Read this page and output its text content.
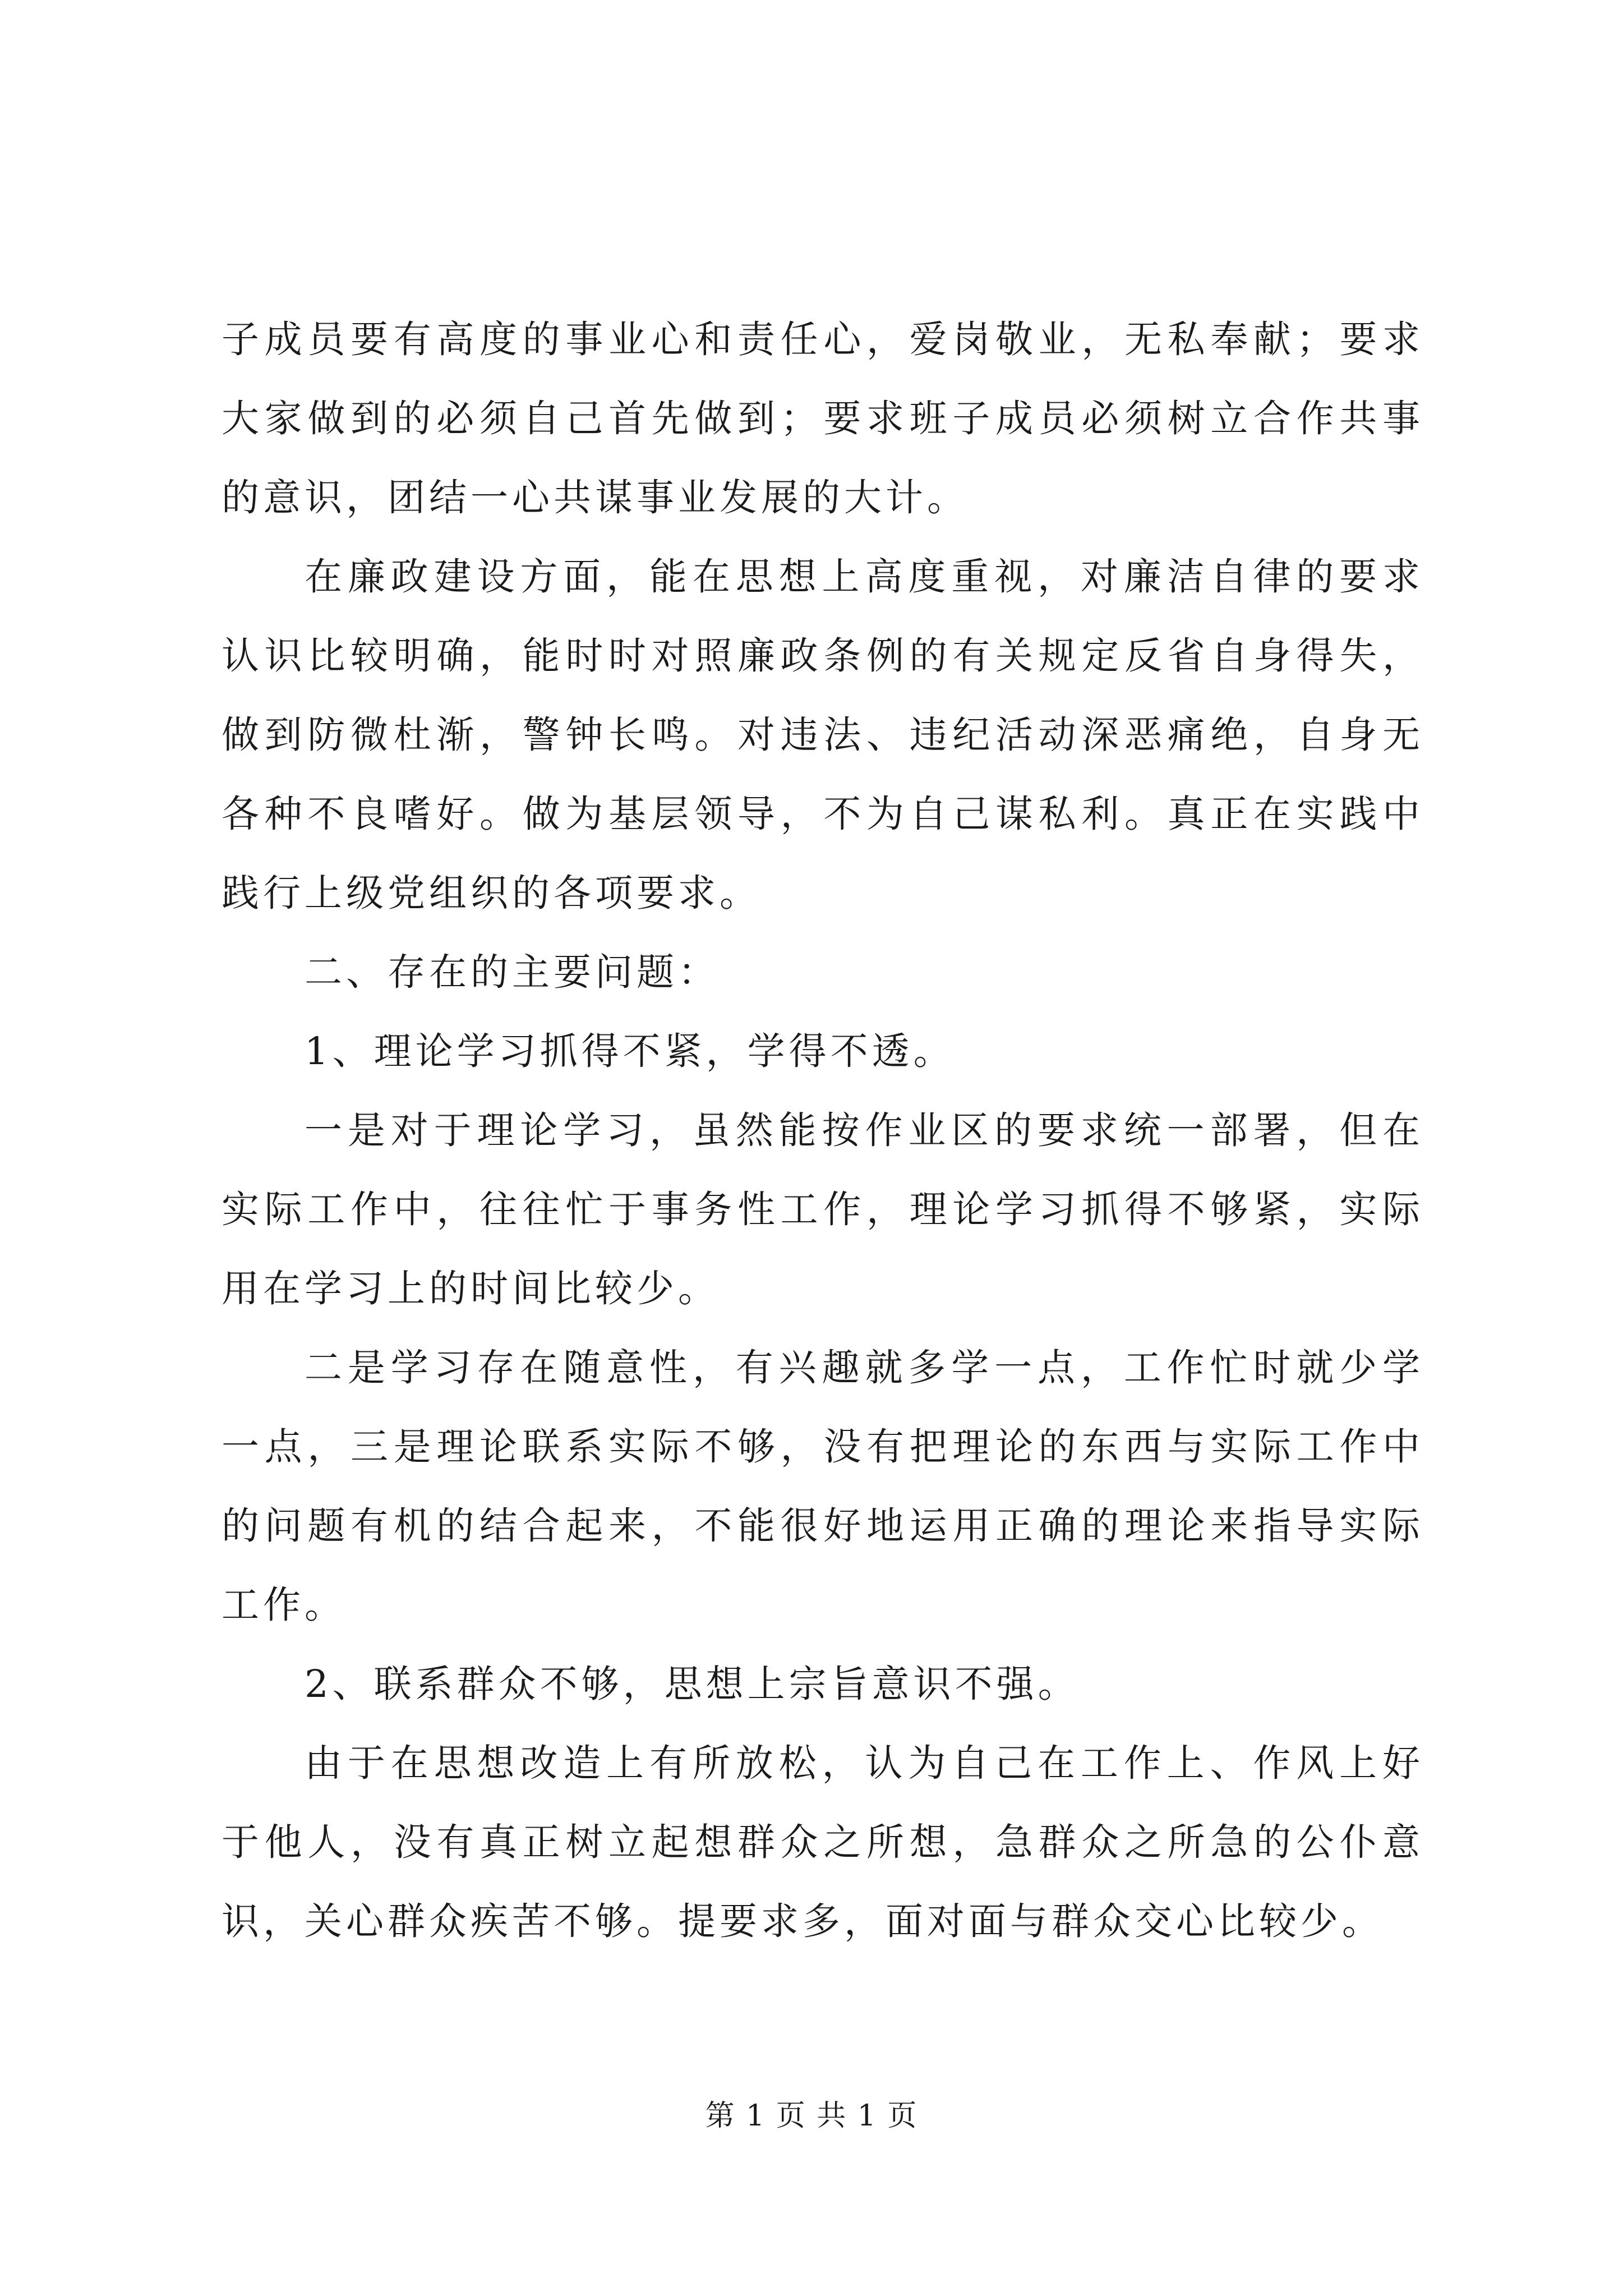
子成员要有高度的事业心和责任心，爱岗敬业，无私奉献；要求大家做到的必须自己首先做到；要求班子成员必须树立合作共事的意识，团结一心共谋事业发展的大计。

在廉政建设方面，能在思想上高度重视，对廉洁自律的要求认识比较明确，能时时对照廉政条例的有关规定反省自身得失，做到防微杜渐，警钟长鸣。对违法、违纪活动深恶痛绝，自身无各种不良嗜好。做为基层领导，不为自己谋私利。真正在实践中践行上级党组织的各项要求。

二、存在的主要问题：

1、理论学习抓得不紧，学得不透。

一是对于理论学习，虽然能按作业区的要求统一部署，但在实际工作中，往往忙于事务性工作，理论学习抓得不够紧，实际用在学习上的时间比较少。

二是学习存在随意性，有兴趣就多学一点，工作忙时就少学一点，三是理论联系实际不够，没有把理论的东西与实际工作中的问题有机的结合起来，不能很好地运用正确的理论来指导实际工作。

2、联系群众不够，思想上宗旨意识不强。

由于在思想改造上有所放松，认为自己在工作上、作风上好于他人，没有真正树立起想群众之所想，急群众之所急的公仆意识，关心群众疾苦不够。提要求多，面对面与群众交心比较少。

第 1 页 共 1 页
